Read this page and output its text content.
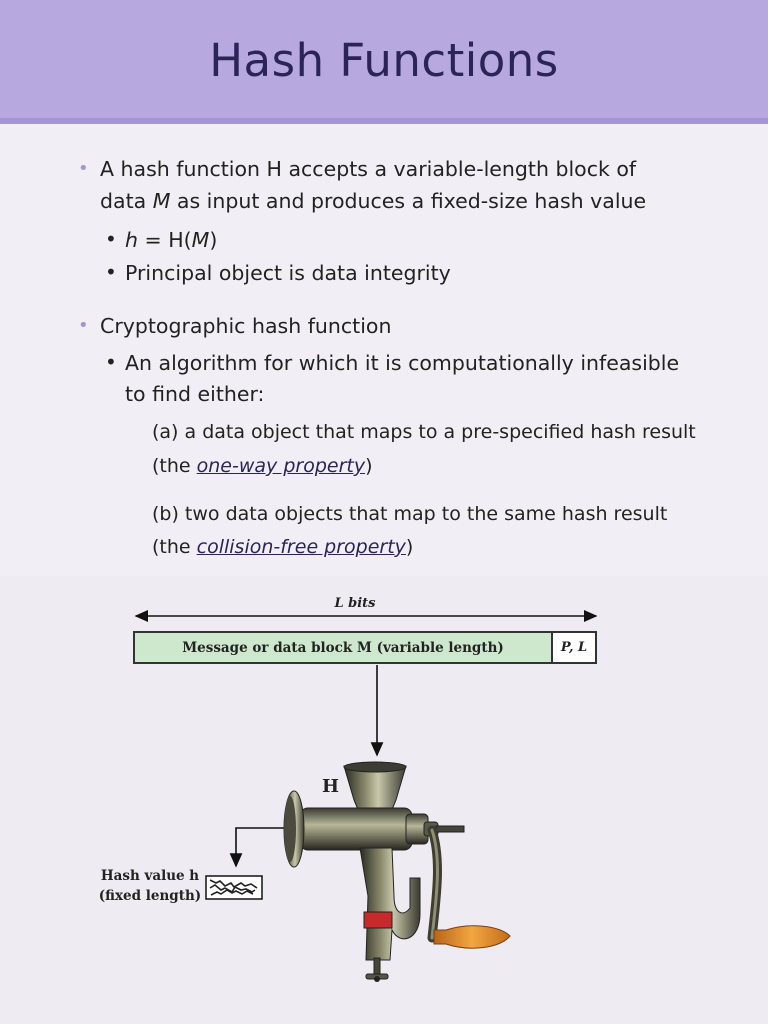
Hash Functions
• A hash function H accepts a variable-length block of
data M as input and produces a fixed-size hash value
• h = H(M)
• Principal object is data integrity
• Cryptographic hash function
• An algorithm for which it is computationally infeasible
to find either:
(a) a data object that maps to a pre-specified hash result
(the one-way property)
(b) two data objects that map to the same hash result
(the collision-free property)
L bits
Message or data block M (variable length)	P, L
H
Hash value h
(fixed length)
